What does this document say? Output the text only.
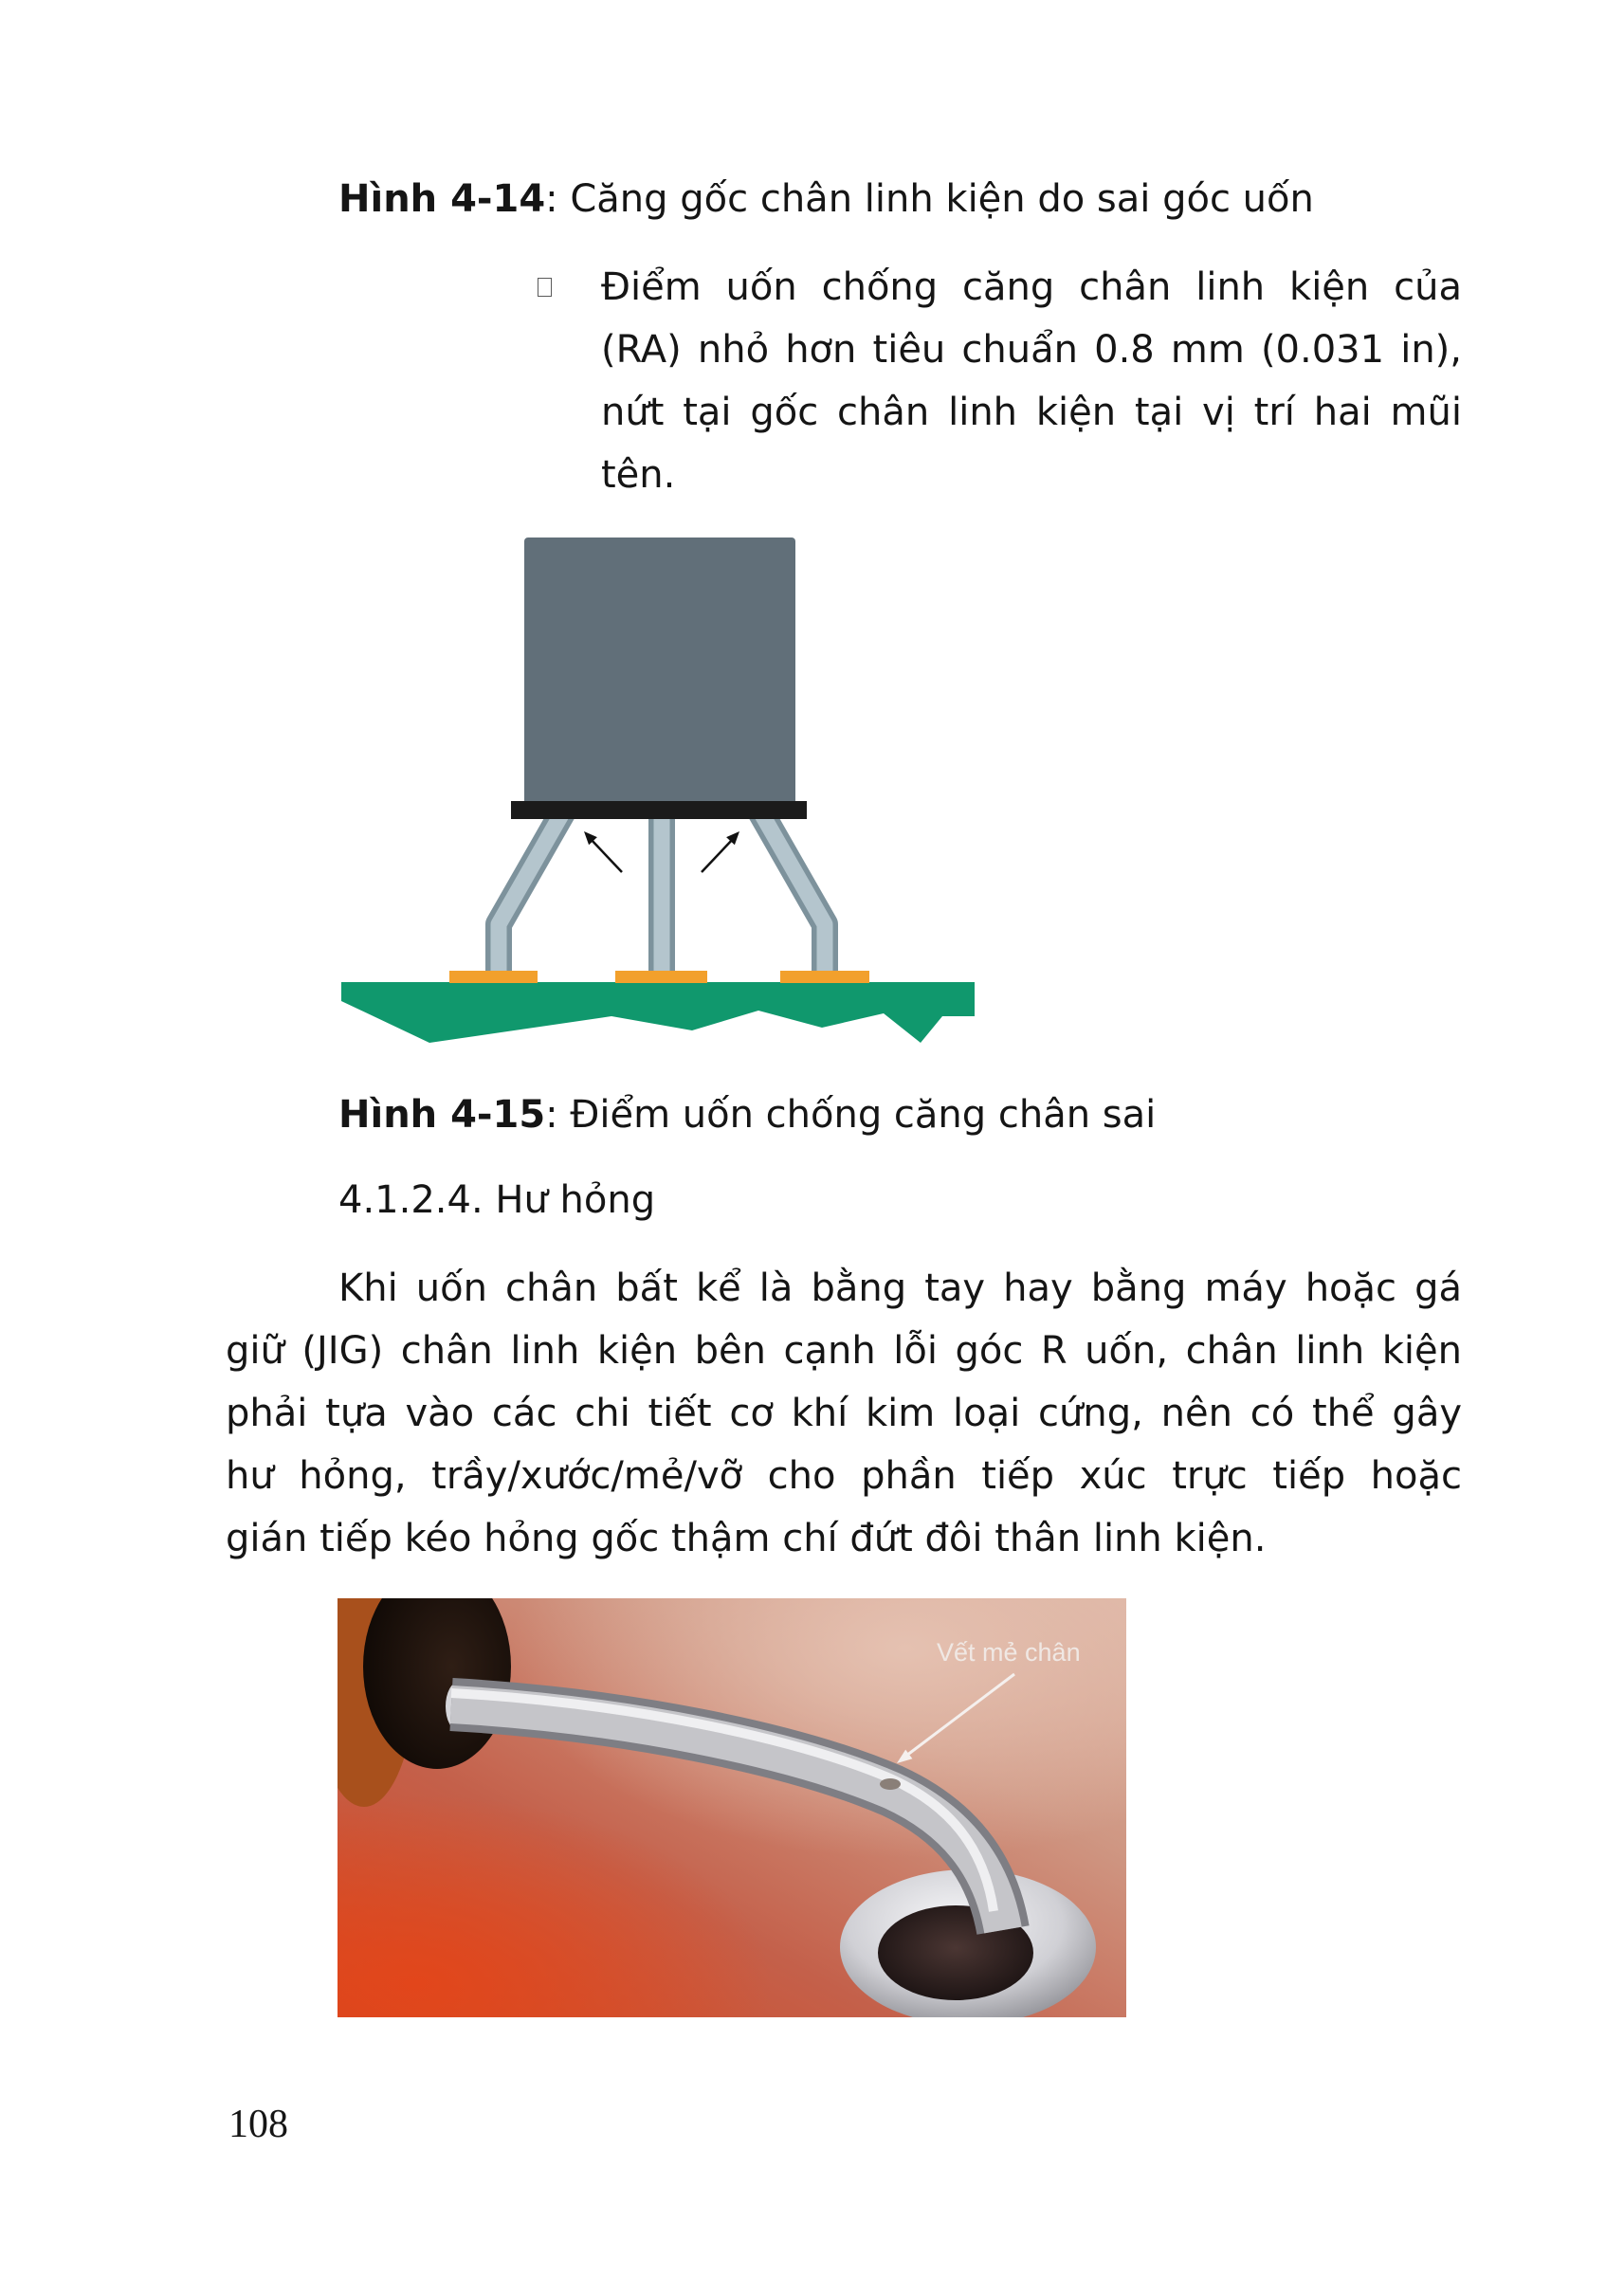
Hình 4-14: Căng gốc chân linh kiện do sai góc uốn
Điểm uốn chống căng chân linh kiện của
(RA) nhỏ hơn tiêu chuẩn 0.8 mm (0.031 in),
nứt tại gốc chân linh kiện tại vị trí hai mũi
tên.
Hình 4-15: Điểm uốn chống căng chân sai
4.1.2.4. Hư hỏng
Khi uốn chân bất kể là bằng tay hay bằng máy hoặc gá
giữ (JIG) chân linh kiện bên cạnh lỗi góc R uốn, chân linh kiện
phải tựa vào các chi tiết cơ khí kim loại cứng, nên có thể gây
hư hỏng, trầy/xước/mẻ/vỡ cho phần tiếp xúc trực tiếp hoặc
gián tiếp kéo hỏng gốc thậm chí đứt đôi thân linh kiện.
Vết mẻ chân
108
